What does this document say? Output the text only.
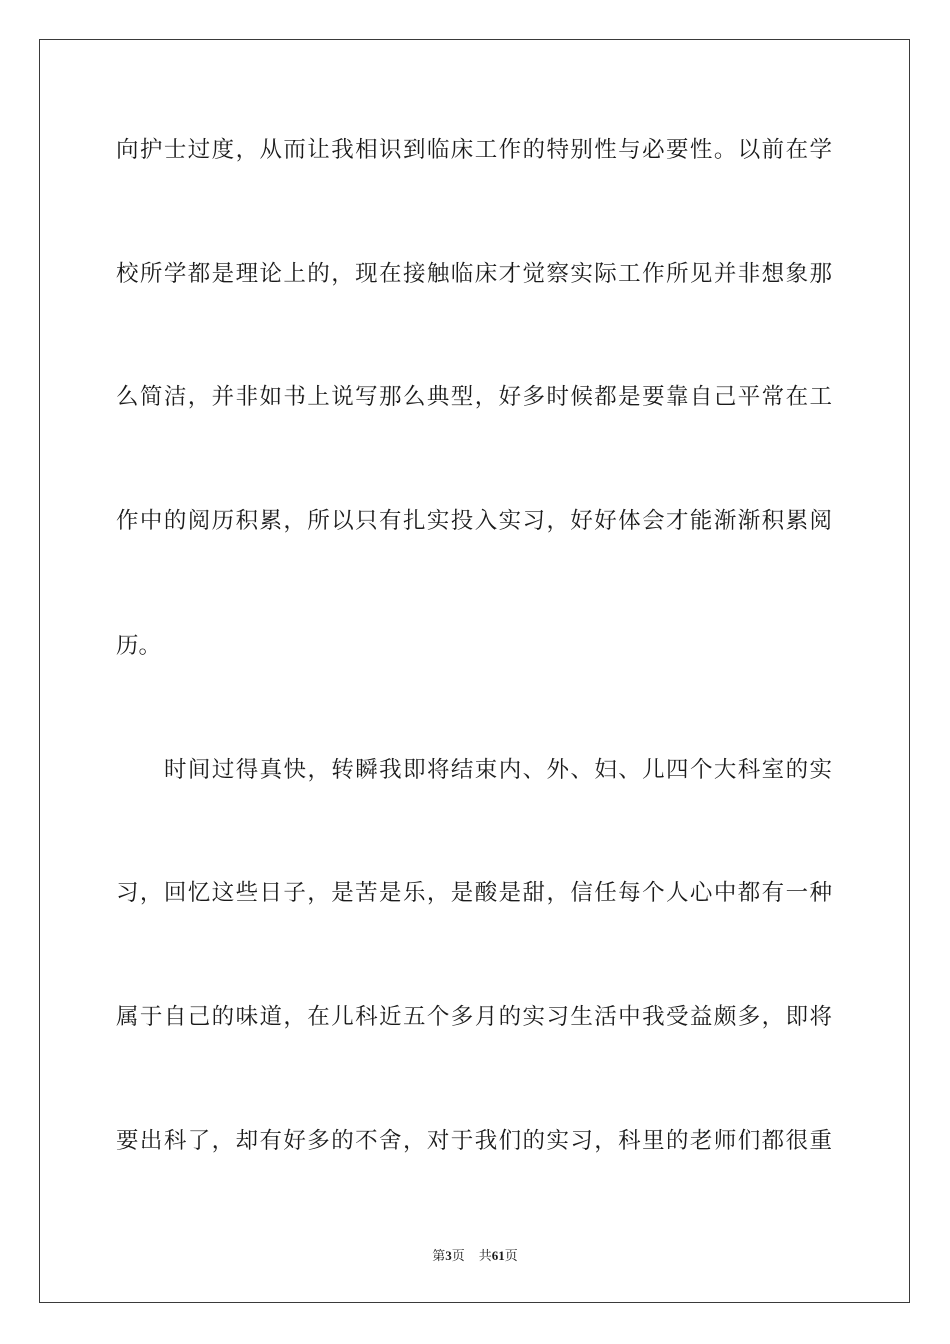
向护士过度，从而让我相识到临床工作的特别性与必要性。以前在学
校所学都是理论上的，现在接触临床才觉察实际工作所见并非想象那
么简洁，并非如书上说写那么典型，好多时候都是要靠自己平常在工
作中的阅历积累，所以只有扎实投入实习，好好体会才能渐渐积累阅
历。
时间过得真快，转瞬我即将结束内、外、妇、儿四个大科室的实
习，回忆这些日子，是苦是乐，是酸是甜，信任每个人心中都有一种
属于自己的味道，在儿科近五个多月的实习生活中我受益颇多，即将
要出科了，却有好多的不舍，对于我们的实习，科里的老师们都很重
第3页 共61页
